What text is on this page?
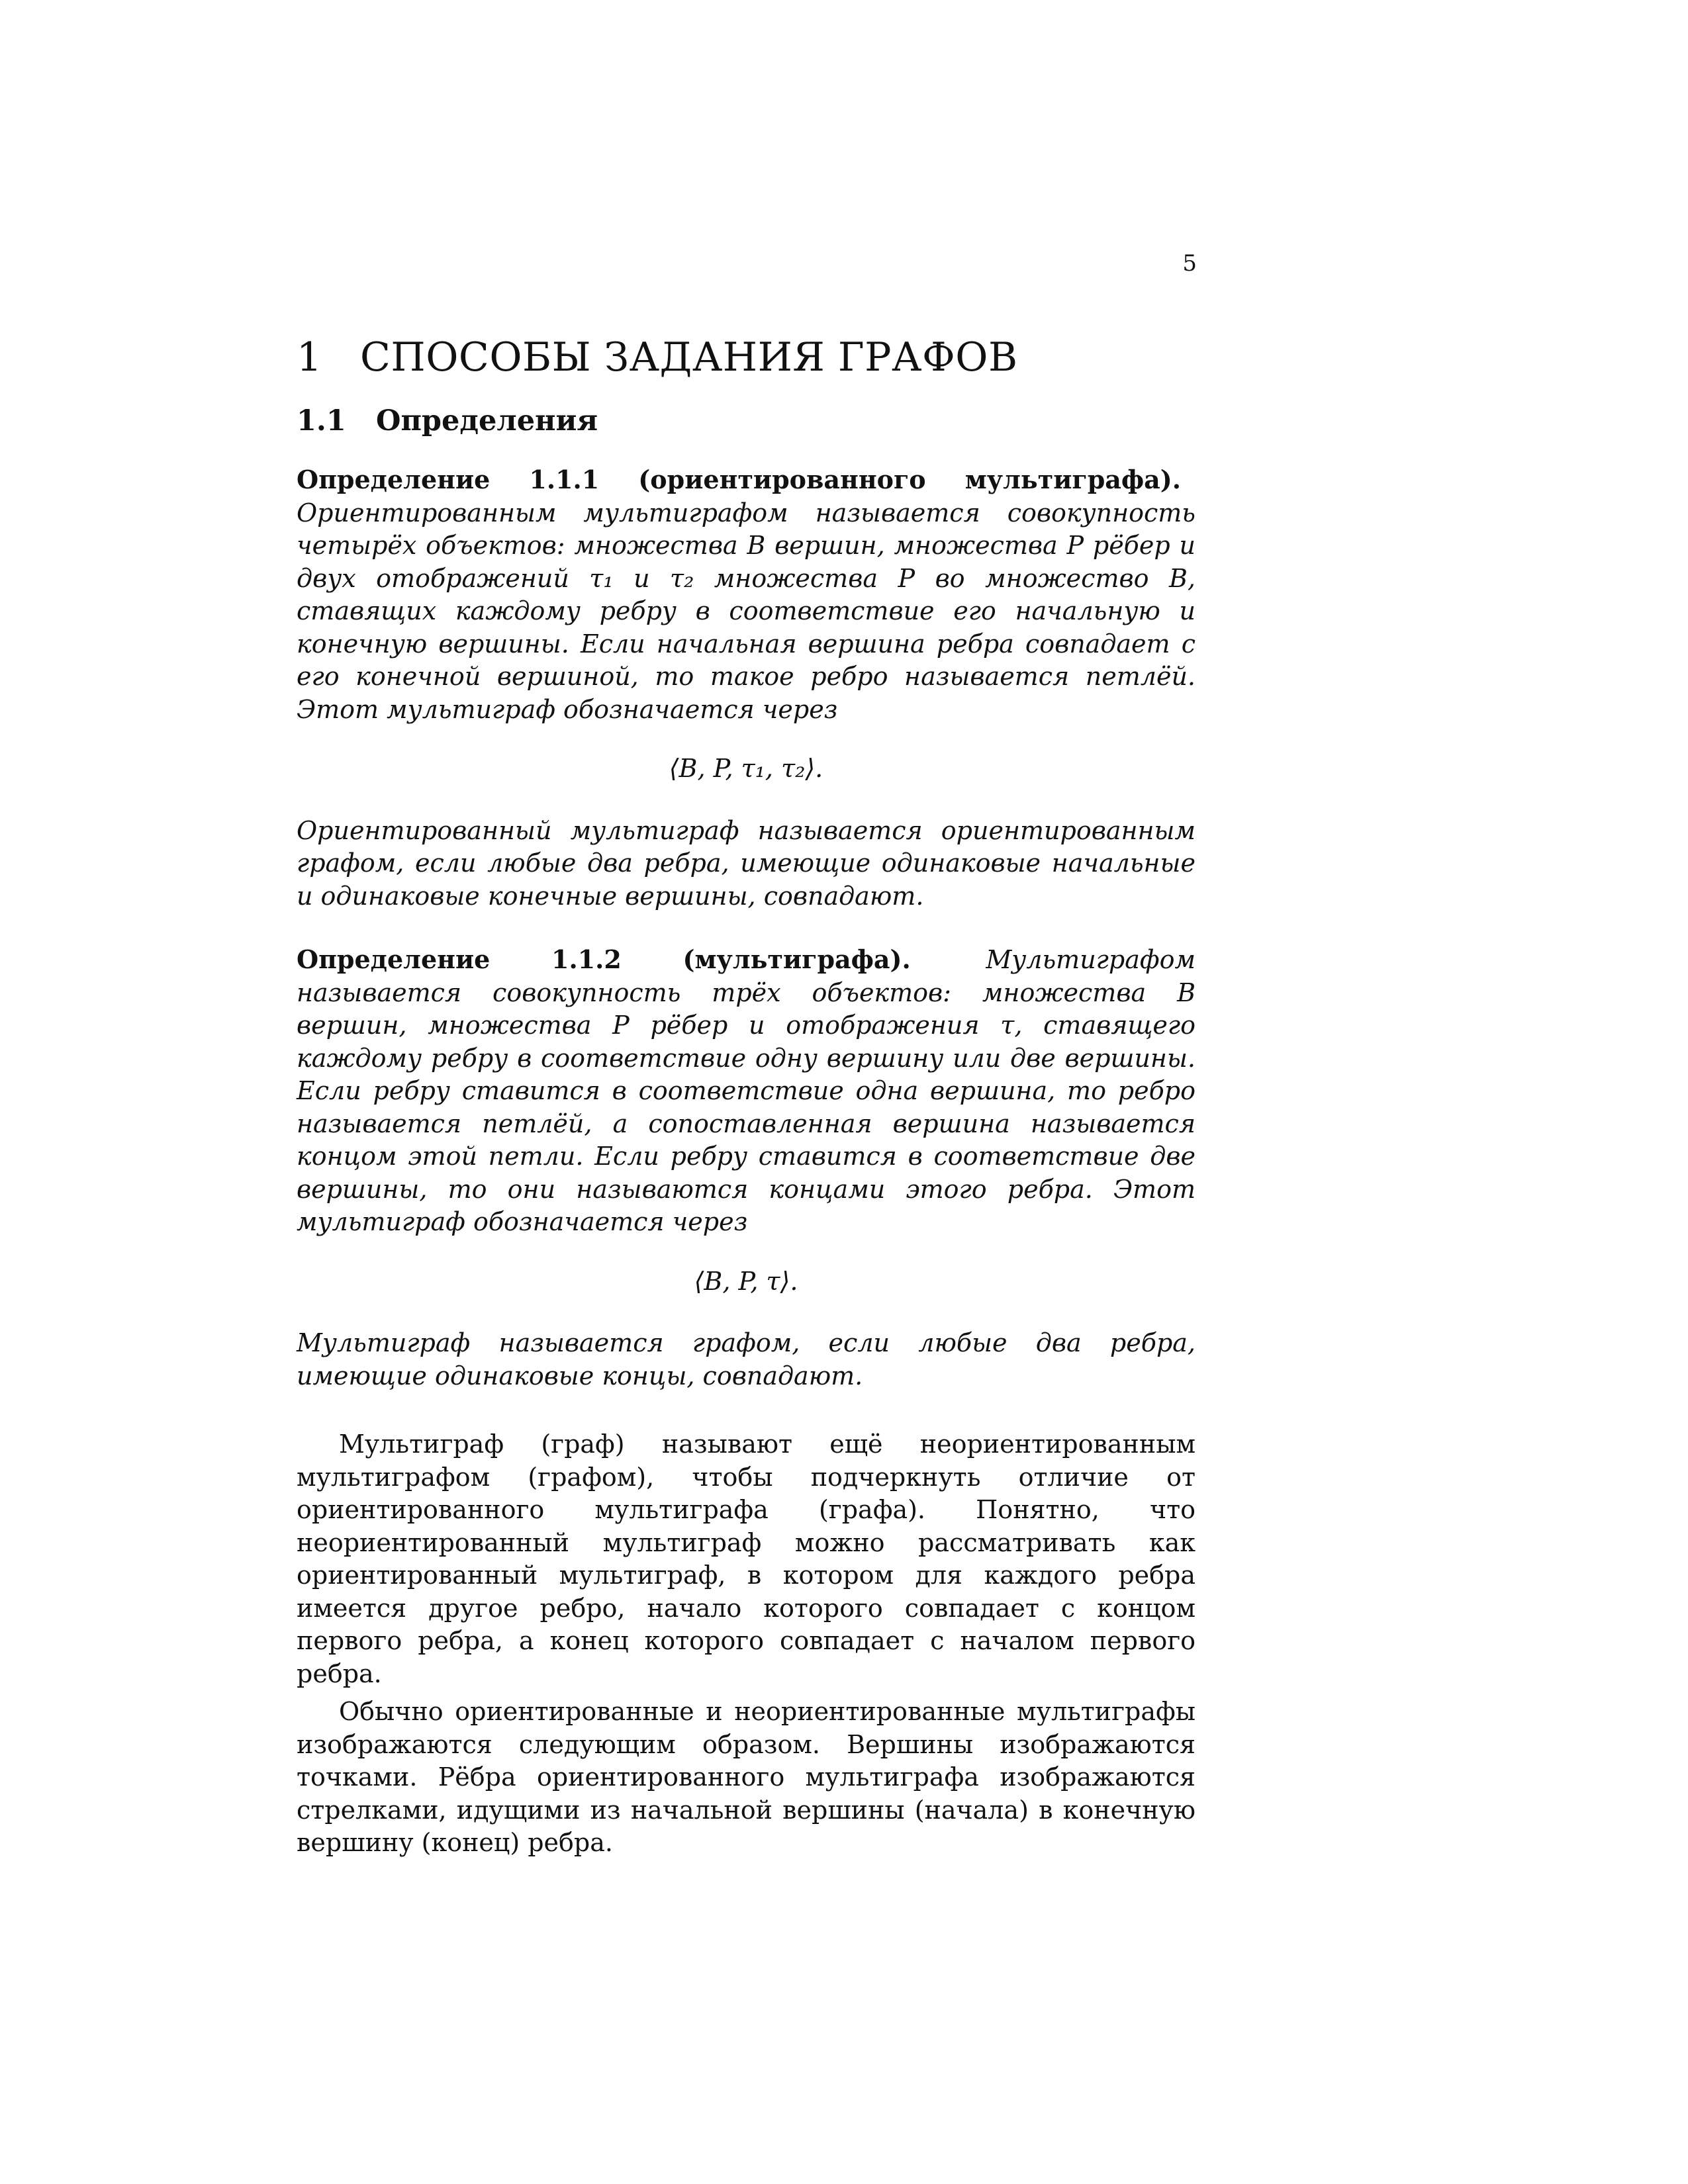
5
1 СПОСОБЫ ЗАДАНИЯ ГРАФОВ
1.1	Определения

Определение 1.1.1 (ориентированного мультиграфа). Ориентированным мультиграфом называется совокупность четырёх объектов: множества B вершин, множества P рёбер и двух отображений τ₁ и τ₂ множества P во множество B, ставящих каждому ребру в соответствие его начальную и конечную вершины. Если начальная вершина ребра совпадает с его конечной вершиной, то такое ребро называется петлёй. Этот мультиграф обозначается через

⟨B, P, τ₁, τ₂⟩.

Ориентированный мультиграф называется ориентированным графом, если любые два ребра, имеющие одинаковые начальные и одинаковые конечные вершины, совпадают.

Определение 1.1.2 (мультиграфа).	Мультиграфом называется совокупность трёх объектов: множества B вершин, множества P рёбер и отображения τ, ставящего каждому ребру в соответствие одну вершину или две вершины. Если ребру ставится в соответствие одна вершина, то ребро называется петлёй, а сопоставленная вершина называется концом этой петли. Если ребру ставится в соответствие две вершины, то они называются концами этого ребра. Этот мультиграф обозначается через

⟨B, P, τ⟩.

Мультиграф называется графом, если любые два ребра, имеющие одинаковые концы, совпадают.

Мультиграф (граф) называют ещё неориентированным мультиграфом (графом), чтобы подчеркнуть отличие от ориентированного мультиграфа (графа). Понятно, что неориентированный мультиграф можно рассматривать как ориентированный мультиграф, в котором для каждого ребра имеется другое ребро, начало которого совпадает с концом первого ребра, а конец которого совпадает с началом первого ребра.

Обычно ориентированные и неориентированные мультиграфы изображаются следующим образом. Вершины изображаются точками. Рёбра ориентированного мультиграфа изображаются стрелками, идущими из начальной вершины (начала) в конечную вершину (конец) ребра.
